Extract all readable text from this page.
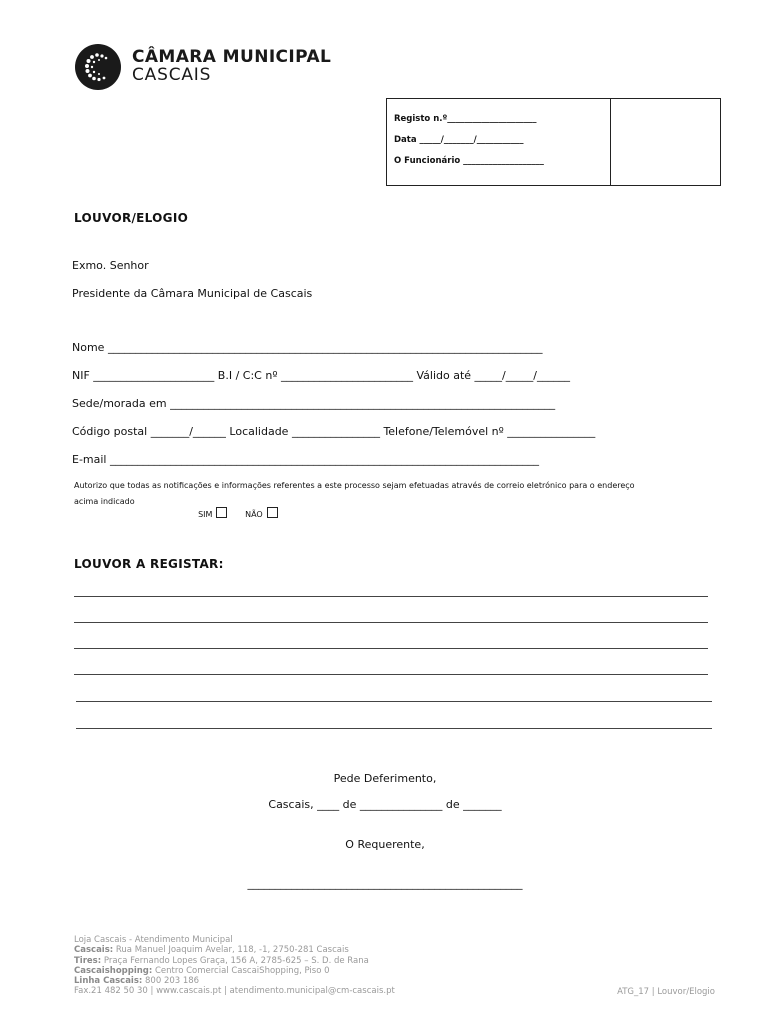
CÂMARA MUNICIPAL
CASCAIS
Registo n.º_____________________
Data _____/_______/___________
O Funcionário ___________________
LOUVOR/ELOGIO
Exmo. Senhor
Presidente da Câmara Municipal de Cascais
Nome _______________________________________________________________________________
NIF ______________________ B.I / C:C nº ________________________ Válido até _____/_____/______
Sede/morada em ______________________________________________________________________
Código postal _______/______ Localidade ________________ Telefone/Telemóvel nº ________________
E-mail ______________________________________________________________________________
Autorizo que todas as notificações e informações referentes a este processo sejam efetuadas através de correio eletrónico para o endereço
acima indicado

SIM	NÃO

LOUVOR A REGISTAR:
Pede Deferimento,
Cascais, ____ de _______________ de _______
O Requerente,
__________________________________________________
Loja Cascais - Atendimento Municipal
Cascais: Rua Manuel Joaquim Avelar, 118, -1, 2750-281 Cascais
Tires: Praça Fernando Lopes Graça, 156 A, 2785-625 – S. D. de Rana
Cascaishopping: Centro Comercial CascaiShopping, Piso 0
Linha Cascais: 800 203 186
Fax.21 482 50 30 | www.cascais.pt | atendimento.municipal@cm-cascais.pt	ATG_17 | Louvor/Elogio
